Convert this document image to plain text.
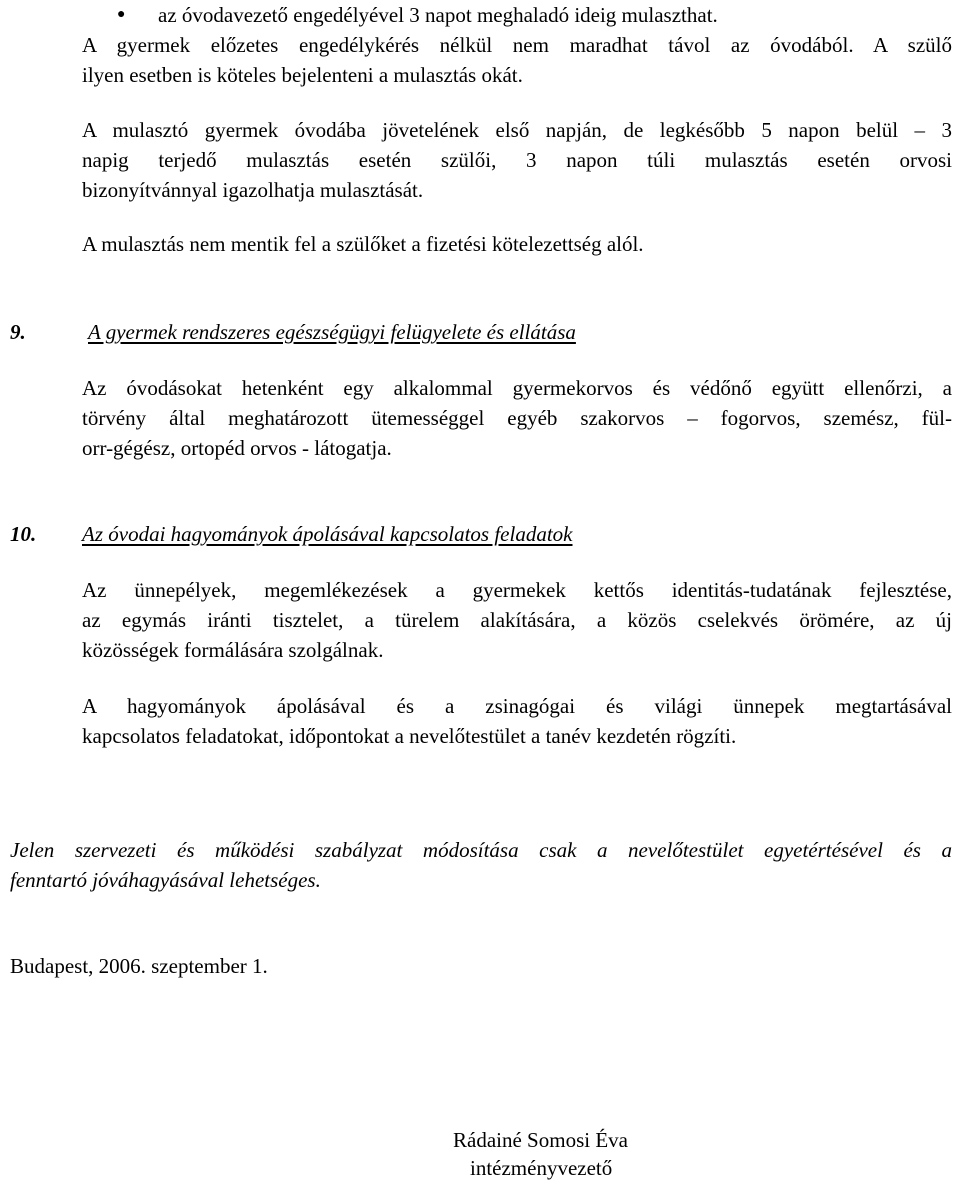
● az óvodavezető engedélyével 3 napot meghaladó ideig mulaszthat.
A gyermek előzetes engedélykérés nélkül nem maradhat távol az óvodából. A szülő
ilyen esetben is köteles bejelenteni a mulasztás okát.
A mulasztó gyermek óvodába jövetelének első napján, de legkésőbb 5 napon belül – 3
napig terjedő mulasztás esetén szülői, 3 napon túli mulasztás esetén orvosi
bizonyítvánnyal igazolhatja mulasztását.
A mulasztás nem mentik fel a szülőket a fizetési kötelezettség alól.
9.	A gyermek rendszeres egészségügyi felügyelete és ellátása
Az óvodásokat hetenként egy alkalommal gyermekorvos és védőnő együtt ellenőrzi, a
törvény által meghatározott ütemességgel egyéb szakorvos – fogorvos, szemész, fül-
orr-gégész, ortopéd orvos - látogatja.
10. Az óvodai hagyományok ápolásával kapcsolatos feladatok
Az ünnepélyek, megemlékezések a gyermekek kettős identitás-tudatának fejlesztése,
az egymás iránti tisztelet, a türelem alakítására, a közös cselekvés örömére, az új
közösségek formálására szolgálnak.
A hagyományok ápolásával és a zsinagógai és világi ünnepek megtartásával
kapcsolatos feladatokat, időpontokat a nevelőtestület a tanév kezdetén rögzíti.
Jelen szervezeti és működési szabályzat módosítása csak a nevelőtestület egyetértésével és a
fenntartó jóváhagyásával lehetséges.
Budapest, 2006. szeptember 1.
Rádainé Somosi Éva
intézményvezető
